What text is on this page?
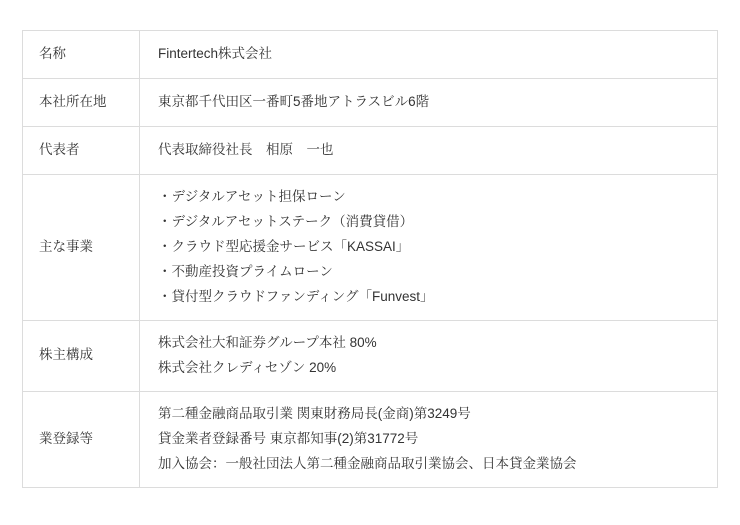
名称	Fintertech株式会社

本社所在地	東京都千代田区一番町5番地アトラスビル6階

代表者	代表取締役社長　相原　一也

主な事業	・デジタルアセット担保ローン
・デジタルアセットステーク（消費貸借）
・クラウド型応援金サービス「KASSAI」
・不動産投資プライムローン
・貸付型クラウドファンディング「Funvest」

株主構成	株式会社大和証券グループ本社 80%
株式会社クレディセゾン 20%

業登録等	第二種金融商品取引業 関東財務局長(金商)第3249号
貸金業者登録番号 東京都知事(2)第31772号
加入協会：一般社団法人第二種金融商品取引業協会、日本貸金業協会
